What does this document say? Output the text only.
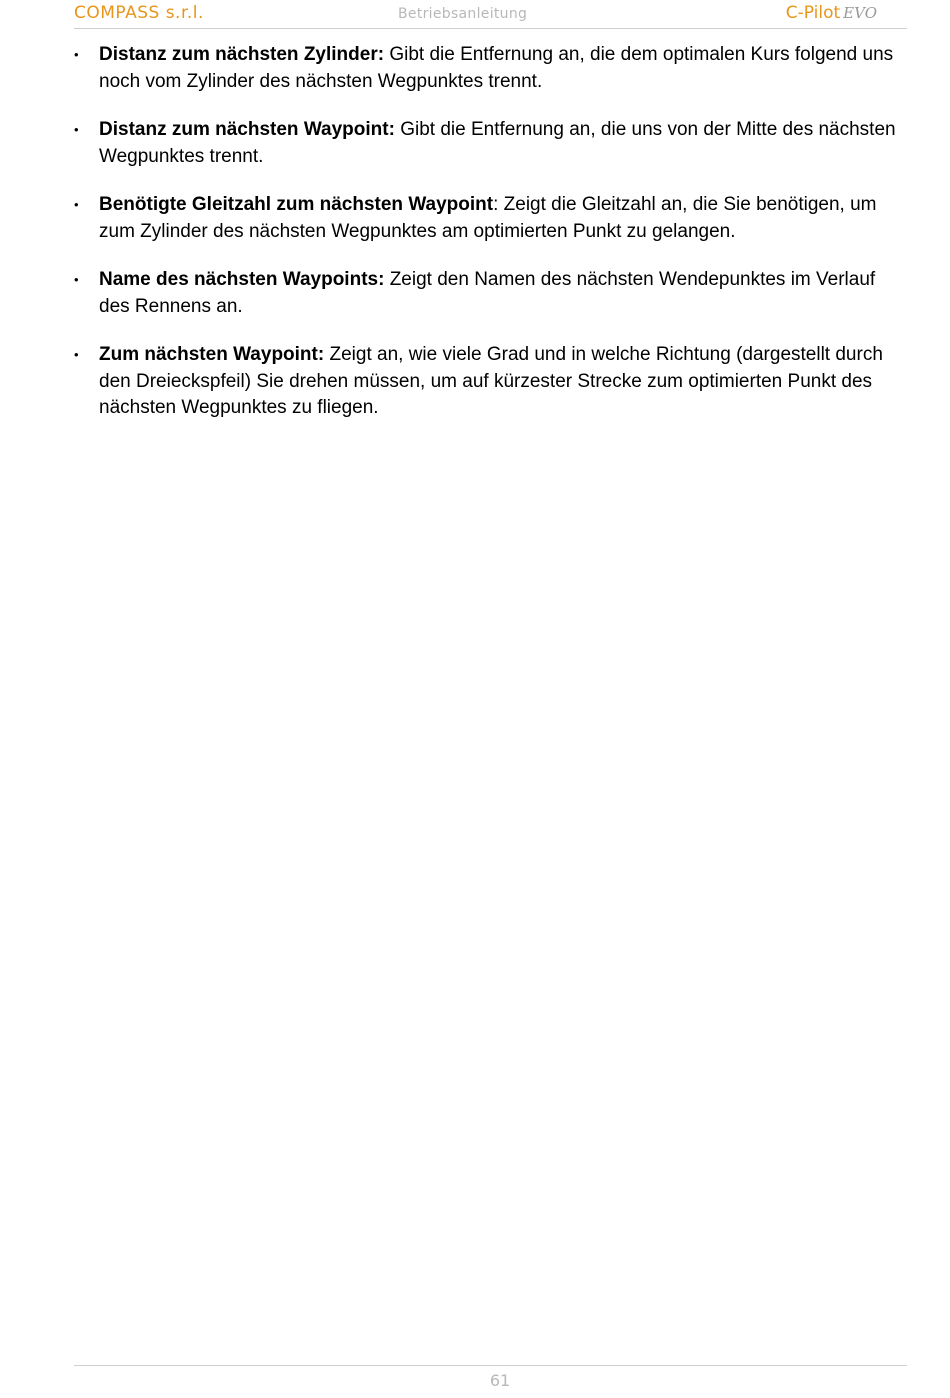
COMPASS s.r.l.	Betriebsanleitung	C-Pilot EVO
• Distanz zum nächsten Zylinder: Gibt die Entfernung an, die dem optimalen Kurs folgend uns noch vom Zylinder des nächsten Wegpunktes trennt.
• Distanz zum nächsten Waypoint: Gibt die Entfernung an, die uns von der Mitte des nächsten Wegpunktes trennt.
• Benötigte Gleitzahl zum nächsten Waypoint: Zeigt die Gleitzahl an, die Sie benötigen, um zum Zylinder des nächsten Wegpunktes am optimierten Punkt zu gelangen.
• Name des nächsten Waypoints: Zeigt den Namen des nächsten Wendepunktes im Verlauf des Rennens an.
• Zum nächsten Waypoint: Zeigt an, wie viele Grad und in welche Richtung (dargestellt durch den Dreieckspfeil) Sie drehen müssen, um auf kürzester Strecke zum optimierten Punkt des nächsten Wegpunktes zu fliegen.
61
